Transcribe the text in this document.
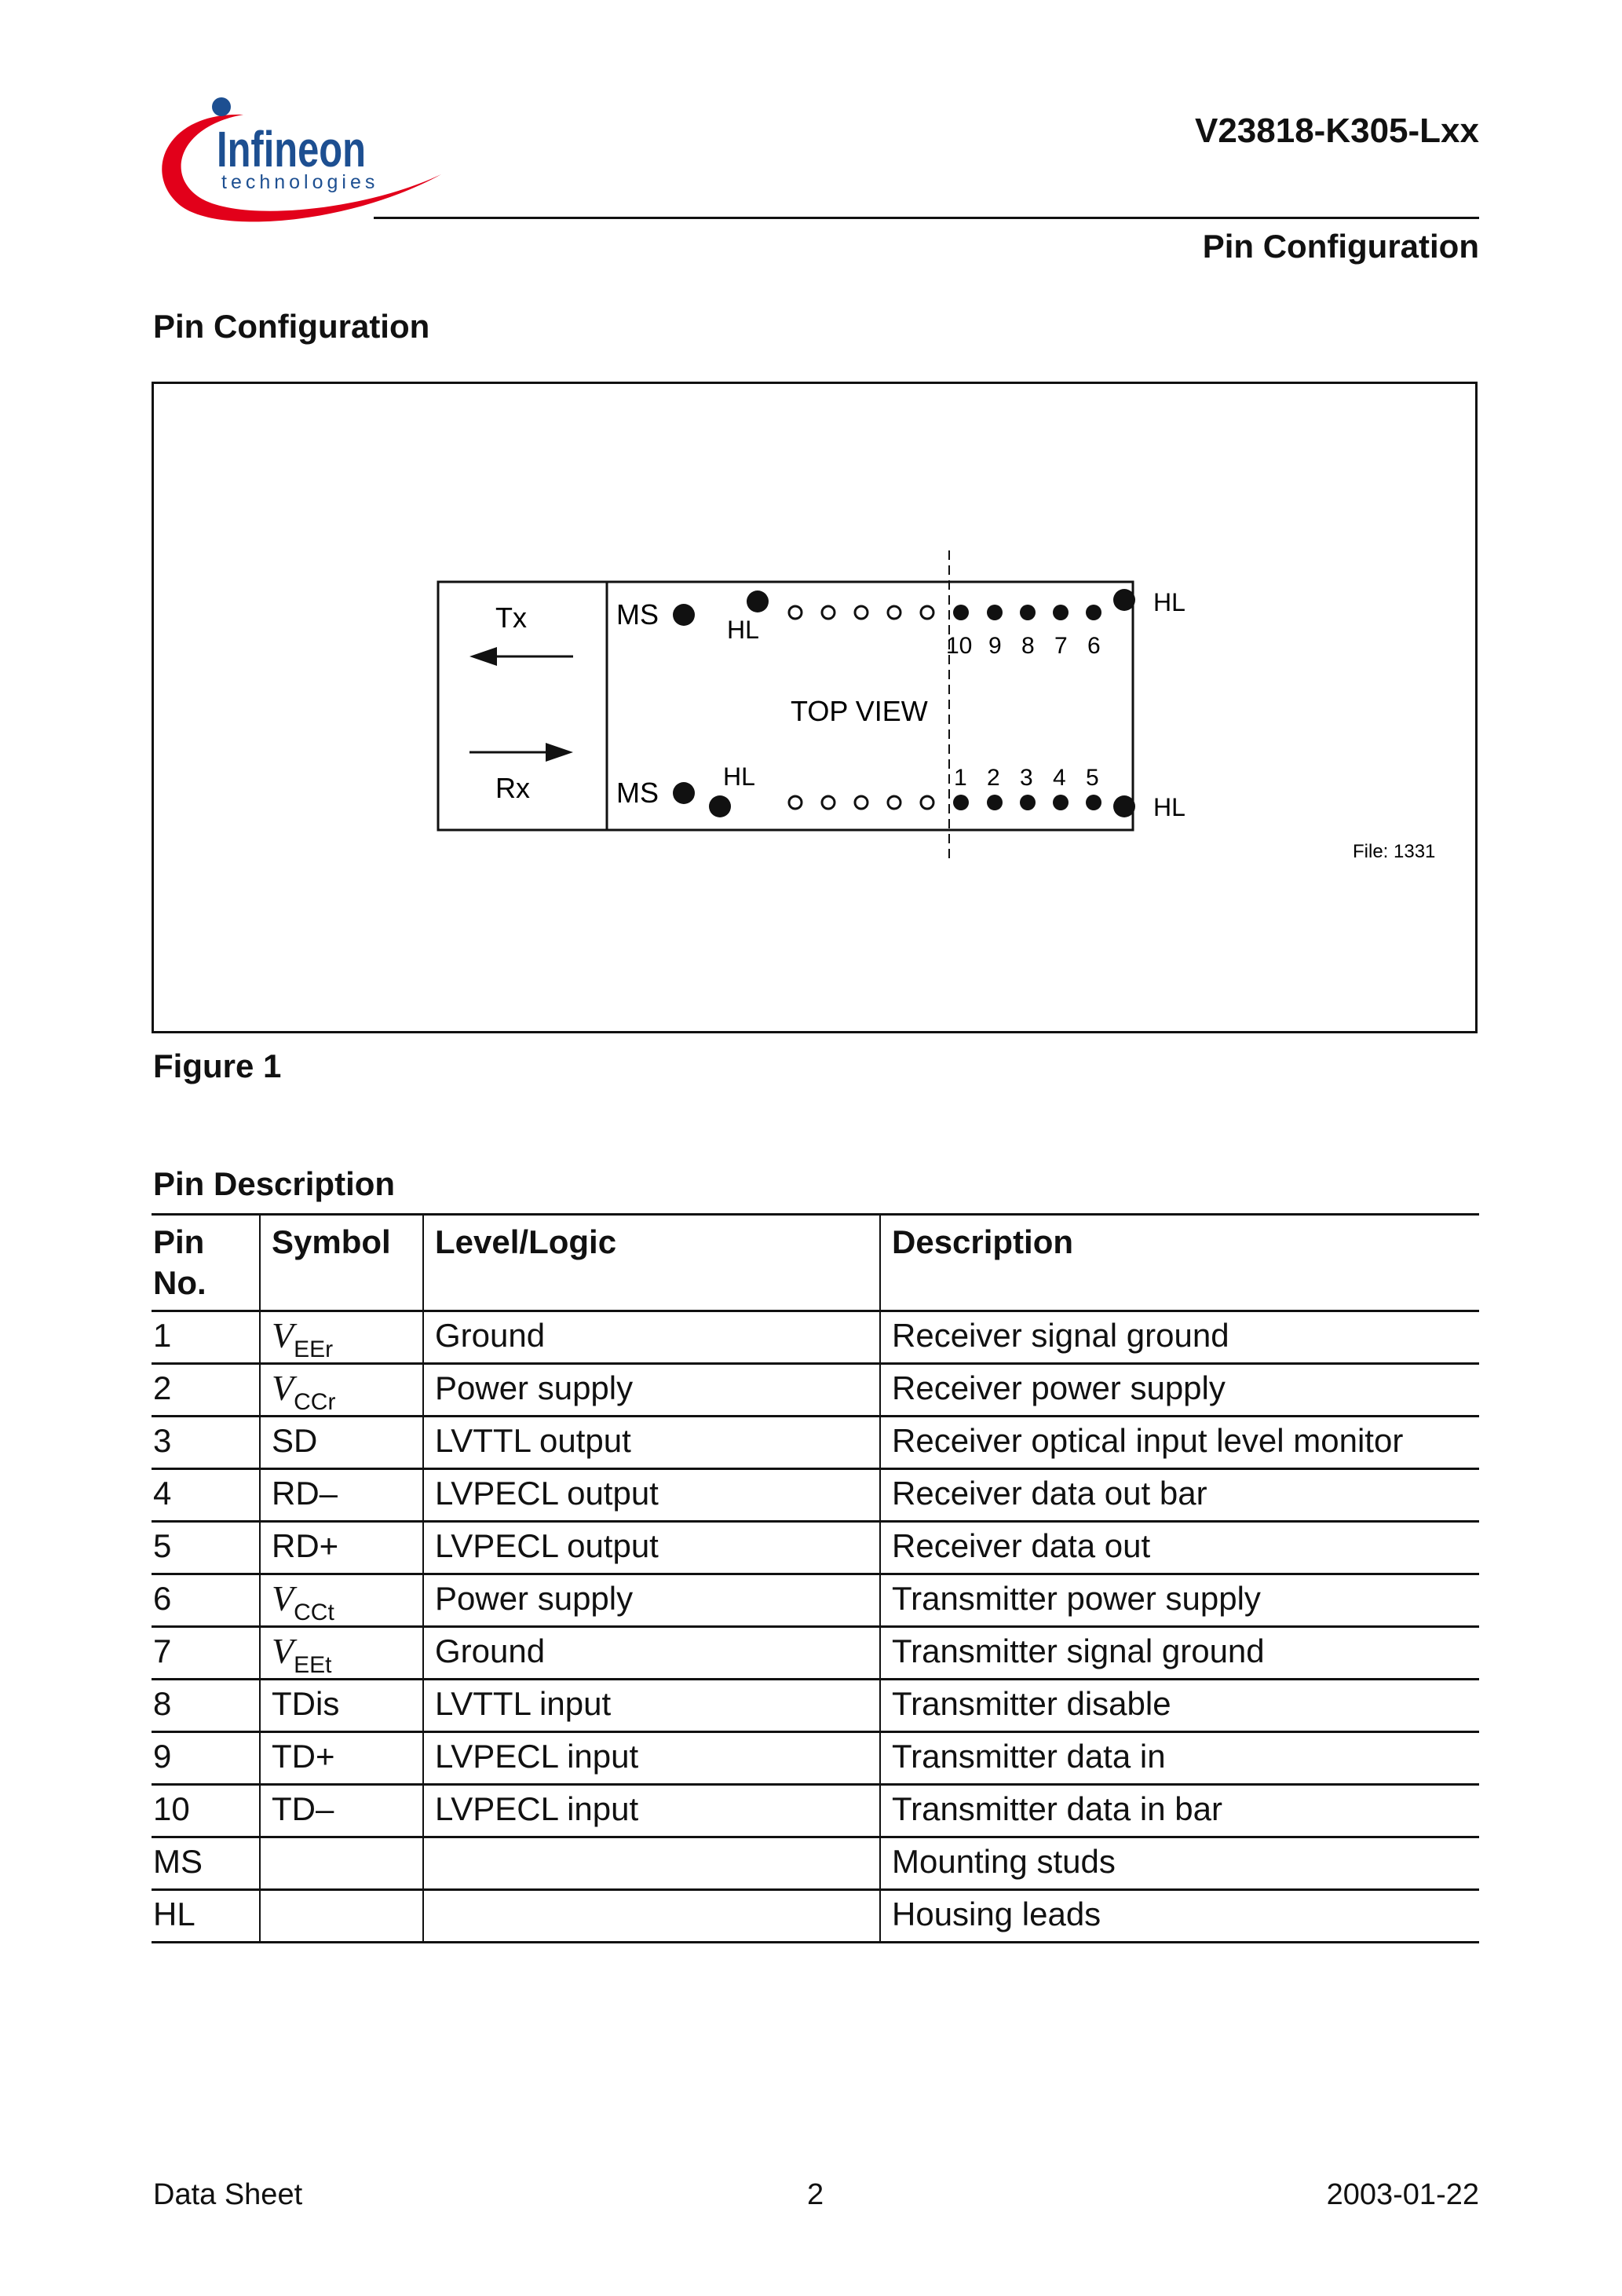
Infineon
technologies
V23818-K305-Lxx
Pin Configuration
Pin Configuration
Tx
Rx
MS
MS
HL
HL
10 9 8 7 6
HL
TOP VIEW
1 2 3 4 5
HL
File: 1331
Figure 1
Pin Description
Pin
No.	Symbol	Level/Logic	Description
1	$V_{EEr}$	Ground	Receiver signal ground
2	$V_{CCr}$	Power supply	Receiver power supply
3	SD	LVTTL output	Receiver optical input level monitor
4	RD–	LVPECL output	Receiver data out bar
5	RD+	LVPECL output	Receiver data out
6	$V_{CCt}$	Power supply	Transmitter power supply
7	$V_{EEt}$	Ground	Transmitter signal ground
8	TDis	LVTTL input	Transmitter disable
9	TD+	LVPECL input	Transmitter data in
10	TD–	LVPECL input	Transmitter data in bar
MS			Mounting studs
HL			Housing leads
Data Sheet	2	2003-01-22
